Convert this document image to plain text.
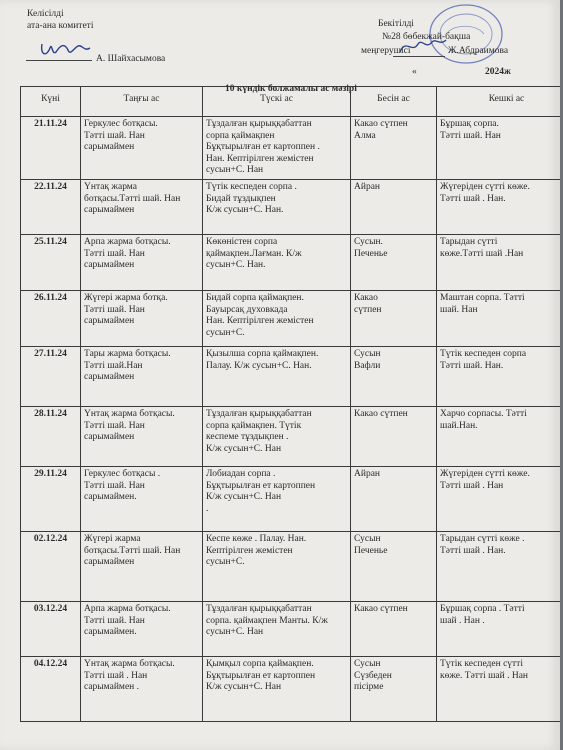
Келісілді
ата-ана комитеті
А. Шайхасымова
Бекітілді
№28 бөбекжай-бақша
меңгерушісі	Ж.Абдраимова
«	2024ж
10 күндік болжамалы ас мәзірі
Күні	Таңғы ас	Түскі ас	Бесін ас	Кешкі ас
21.11.24	Геркулес ботқасы.
Тәтті шай. Нан
сарымаймен	Тұздалған қырыққабаттан
сорпа қаймақпен
Бұқтырылған ет картоппен .
Нан. Кептірілген жемістен
сусын+С. Нан	Какао сүтпен
Алма	Бұршақ сорпа.
Тәтті шай. Нан

22.11.24	Үнтақ жарма
ботқасы.Тәтті шай. Нан
сарымаймен	Түтік кеспеден сорпа .
Бидай тұздықпен
К/ж сусын+С. Нан.	Айран	Жүгеріден сүтті көже.
Тәтті шай . Нан.

25.11.24	Арпа жарма ботқасы.
Тәтті шай. Нан
сарымаймен	Көкөністен сорпа
қаймақпен.Лағман. К/ж
сусын+С. Нан.	Сусын.
Печенье	Тарыдан сүтті
көже.Тәтті шай .Нан

26.11.24	Жүгері жарма ботқа.
Тәтті шай. Нан
сарымаймен	Бидай сорпа қаймақпен.
Бауырсақ духовкада
Нан. Кептірілген жемістен
сусын+С.	Какао
сүтпен	Маштан сорпа. Тәтті
шай. Нан

27.11.24	Тары жарма ботқасы.
Тәтті шай.Нан
сарымаймен	Қызылша сорпа қаймақпен.
Палау. К/ж сусын+С. Нан.	Сусын
Вафли	Түтік кеспеден сорпа
Тәтті шай. Нан.

28.11.24	Үнтақ жарма ботқасы.
Тәтті шай. Нан
сарымаймен	Тұздалған қырыққабаттан
сорпа қаймақпен. Түтік
кеспеме тұздықпен .
К/ж сусын+С. Нан	Какао сүтпен	Харчо сорпасы. Тәтті
шай.Нан.

29.11.24	Геркулес ботқасы .
Тәтті шай. Нан
сарымаймен.	Лобиадан сорпа .
Бұқтырылған ет картоппен
К/ж сусын+С. Нан
.	Айран	Жүгеріден сүтті көже.
Тәтті шай . Нан

02.12.24	Жүгері жарма
ботқасы.Тәтті шай. Нан
сарымаймен	Кеспе көже . Палау. Нан.
Кептірілген жемістен
сусын+С.	Сусын
Печенье	Тарыдан сүтті көже .
Тәтті шай . Нан.

03.12.24	Арпа жарма ботқасы.
Тәтті шай. Нан
сарымаймен.	Тұздалған қырыққабаттан
сорпа. қаймақпен Манты. К/ж
сусын+С. Нан	Какао сүтпен	Бұршақ сорпа . Тәтті
шай . Нан .

04.12.24	Үнтақ жарма ботқасы.
Тәтті шай . Нан
сарымаймен .	Қымқыл сорпа қаймақпен.
Бұқтырылған ет картоппен
К/ж сусын+С. Нан	Сусын
Сүзбеден
пісірме	Түтік кеспеден сүтті
көже. Тәтті шай . Нан
